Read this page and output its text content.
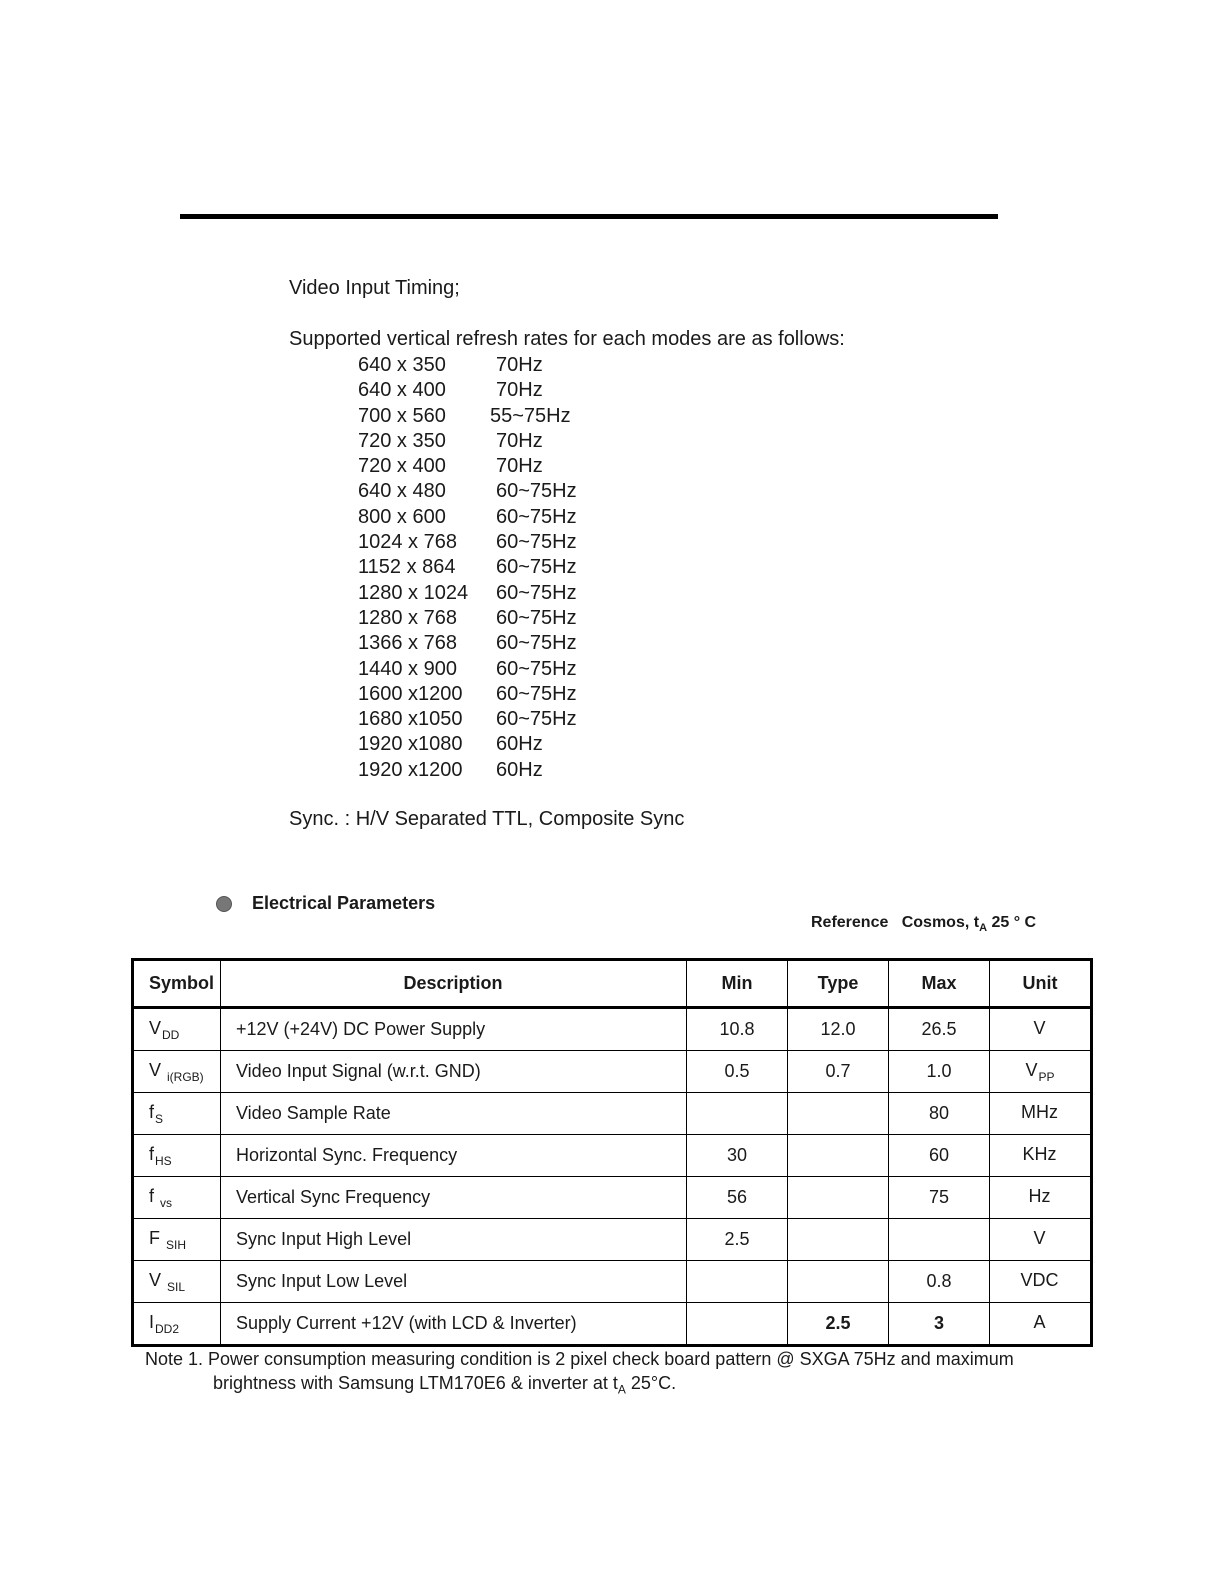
Video Input Timing;
Supported vertical refresh rates for each modes are as follows:
640 x 350	70Hz
640 x 400	70Hz
700 x 560	55~75Hz
720 x 350	70Hz
720 x 400	70Hz
640 x 480	60~75Hz
800 x 600	60~75Hz
1024 x 768	60~75Hz
1152 x 864	60~75Hz
1280 x 1024	60~75Hz
1280 x 768	60~75Hz
1366 x 768	60~75Hz
1440 x 900	60~75Hz
1600 x1200	60~75Hz
1680 x1050	60~75Hz
1920 x1080	60Hz
1920 x1200	60Hz
Sync. : H/V Separated TTL, Composite Sync
Electrical Parameters
Reference   Cosmos, $t_A$ 25 ° C
Symbol	Description	Min	Type	Max	Unit
$V_{DD}$	+12V (+24V) DC Power Supply	10.8	12.0	26.5	V
V $_{i(RGB)}$	Video Input Signal (w.r.t. GND)	0.5	0.7	1.0	$V_{PP}$
$f_S$	Video Sample Rate			80	MHz
$f_{HS}$	Horizontal Sync. Frequency	30		60	KHz
f $_{vs}$	Vertical Sync Frequency	56		75	Hz
F $_{SIH}$	Sync Input High Level	2.5			V
V $_{SIL}$	Sync Input Low Level			0.8	VDC
$I_{DD2}$	Supply Current +12V (with LCD & Inverter)		2.5	3	A
Note 1. Power consumption measuring condition is 2 pixel check board pattern @ SXGA 75Hz and maximum
brightness with Samsung LTM170E6 & inverter at $t_A$ 25°C.
